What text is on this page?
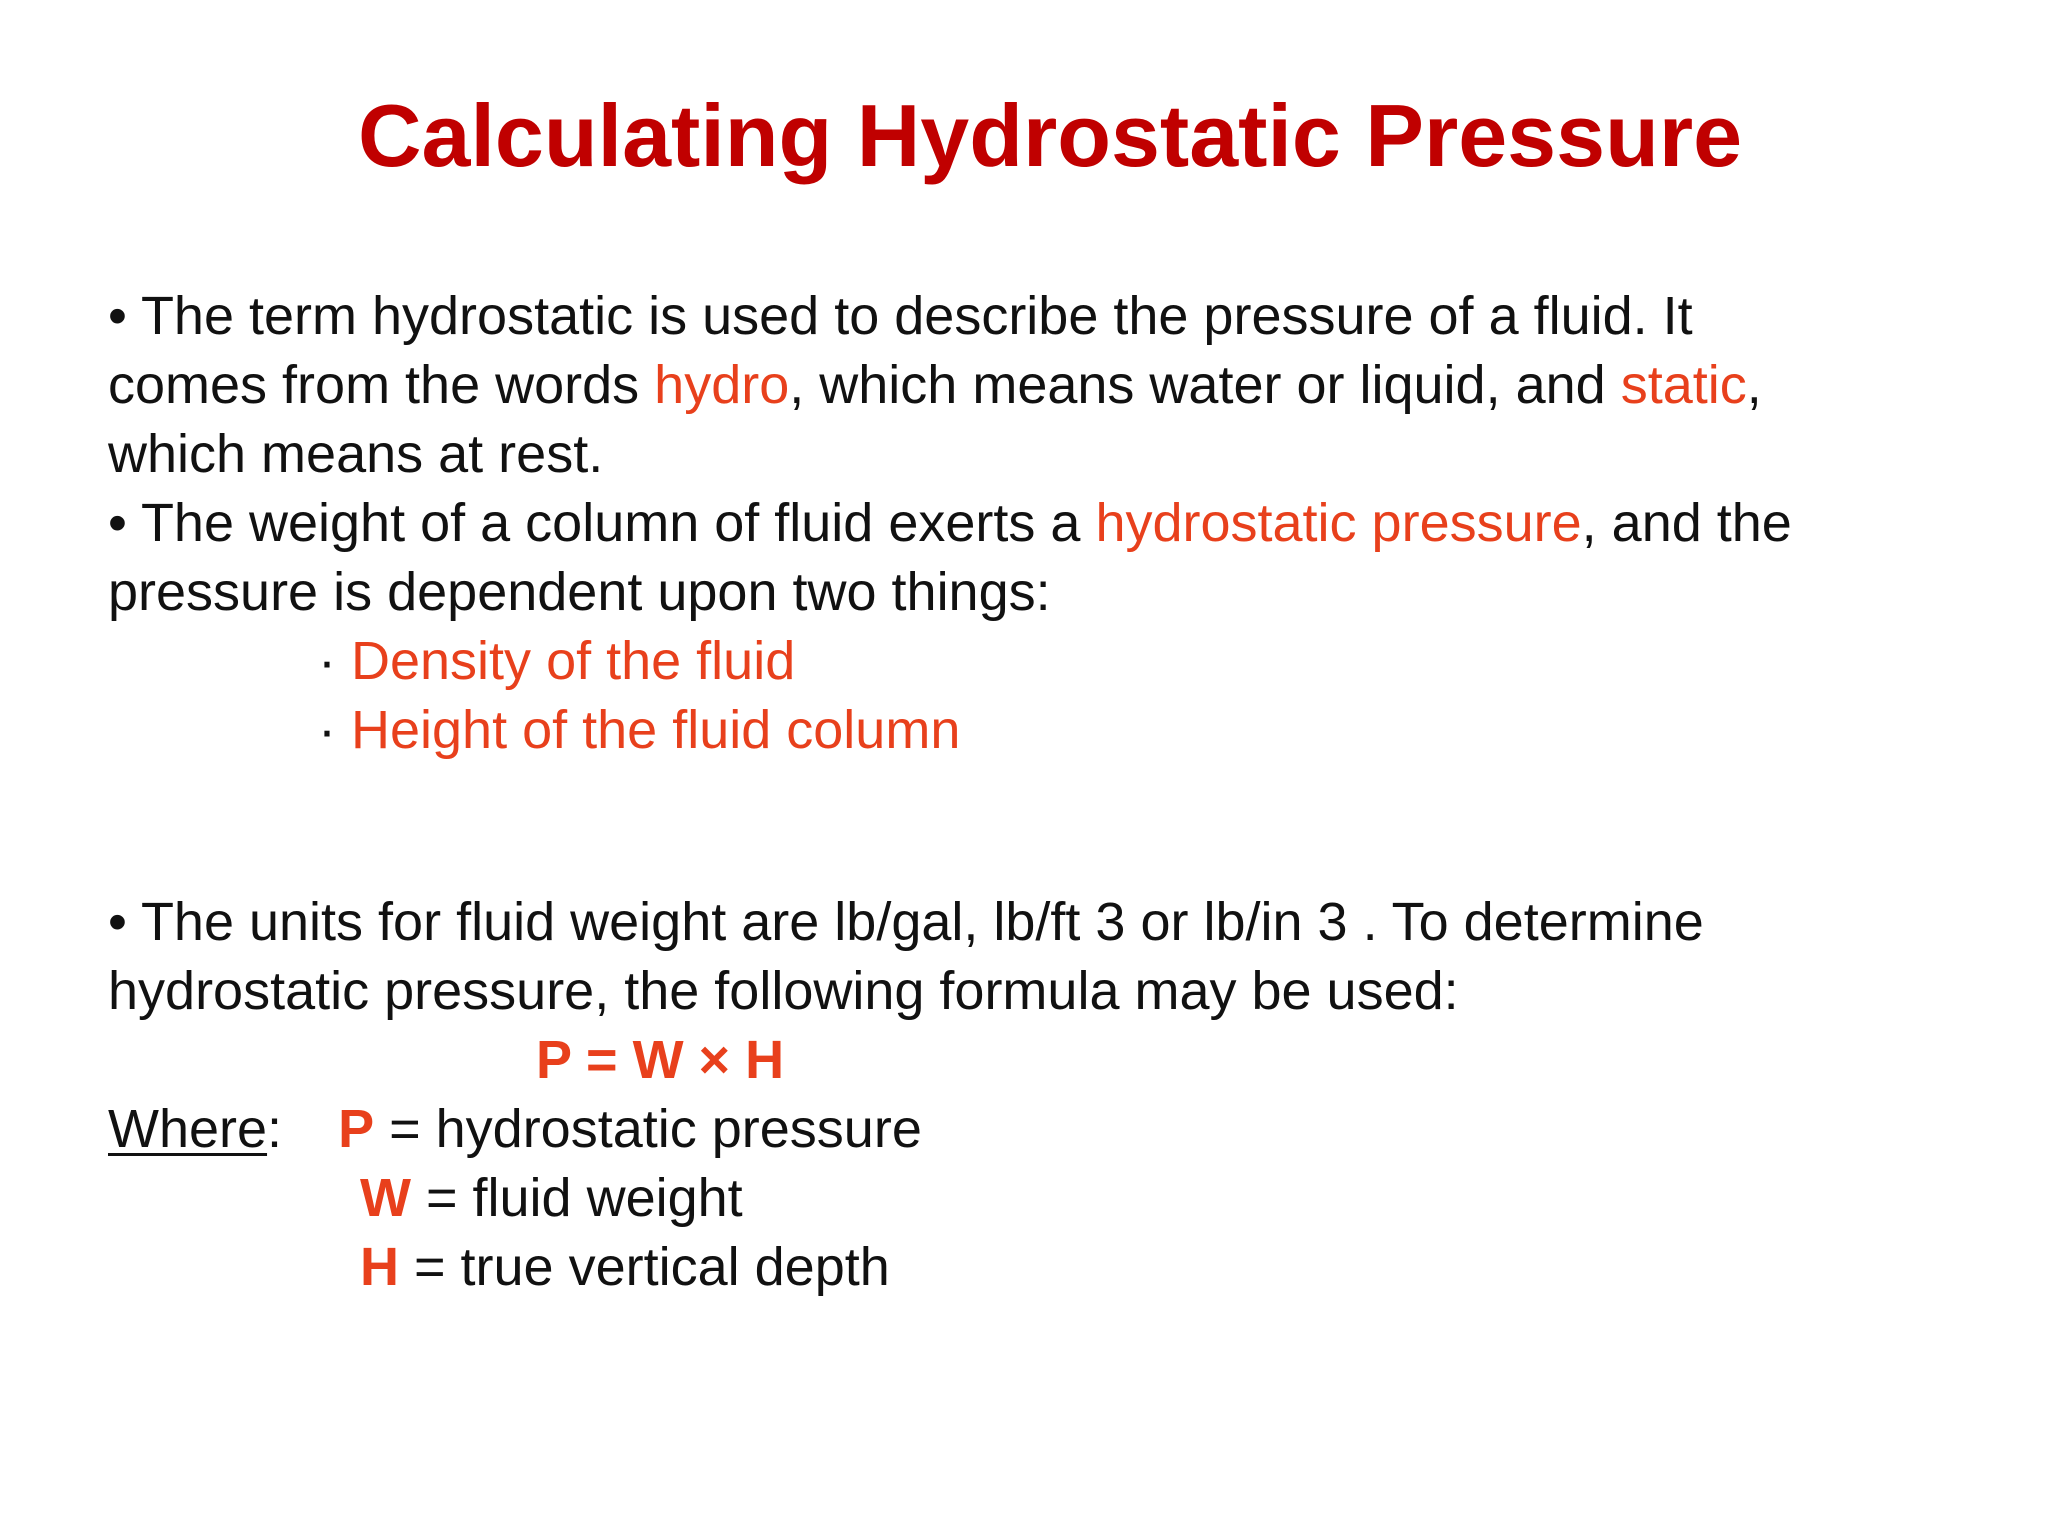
Calculating Hydrostatic Pressure
• The term hydrostatic is used to describe the pressure of a fluid. It
comes from the words hydro, which means water or liquid, and static,
which means at rest.
• The weight of a column of fluid exerts a hydrostatic pressure, and the
pressure is dependent upon two things:
· Density of the fluid
· Height of the fluid column
• The units for fluid weight are lb/gal, lb/ft 3 or lb/in 3 . To determine
hydrostatic pressure, the following formula may be used:
P = W × H
Where: P = hydrostatic pressure
W = fluid weight
H = true vertical depth
